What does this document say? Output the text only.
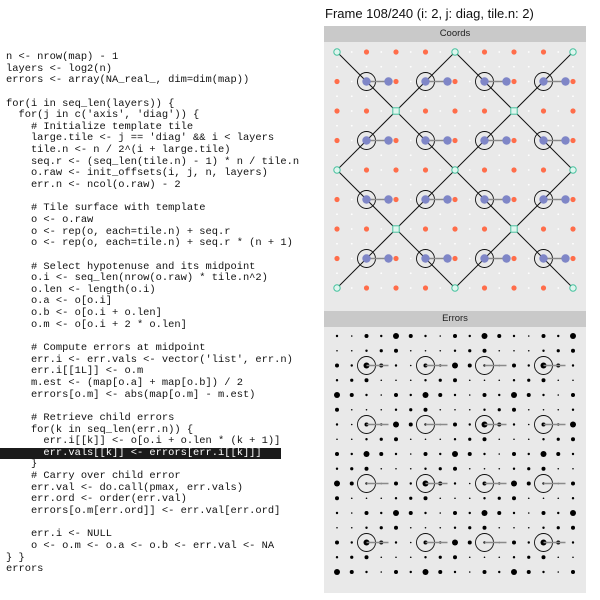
Frame 108/240 (i: 2, j: diag, tile.n: 2)
n <- nrow(map) - 1
layers <- log2(n)
errors <- array(NA_real_, dim=dim(map))
for(i in seq_len(layers)) {
for(j in c('axis', 'diag')) {
# Initialize template tile
large.tile <- j == 'diag' && i < layers
tile.n <- n / 2^(i + large.tile)
seq.r <- (seq_len(tile.n) - 1) * n / tile.n
o.raw <- init_offsets(i, j, n, layers)
err.n <- ncol(o.raw) - 2
# Tile surface with template
o <- o.raw
o <- rep(o, each=tile.n) + seq.r
o <- rep(o, each=tile.n) + seq.r * (n + 1)
# Select hypotenuse and its midpoint
o.i <- seq_len(nrow(o.raw) * tile.n^2)
o.len <- length(o.i)
o.a <- o[o.i]
o.b <- o[o.i + o.len]
o.m <- o[o.i + 2 * o.len]
# Compute errors at midpoint
err.i <- err.vals <- vector('list', err.n)
err.i[[1L]] <- o.m
m.est <- (map[o.a] + map[o.b]) / 2
errors[o.m] <- abs(map[o.m] - m.est)
# Retrieve child errors
for(k in seq_len(err.n)) {
err.i[[k]] <- o[o.i + o.len * (k + 1)]
err.vals[[k]] <- errors[err.i[[k]]]
}
# Carry over child error
err.val <- do.call(pmax, err.vals)
err.ord <- order(err.val)
errors[o.m[err.ord]] <- err.val[err.ord]
err.i <- NULL
o <- o.m <- o.a <- o.b <- err.val <- NA
} }
errors
Coords
Errors
